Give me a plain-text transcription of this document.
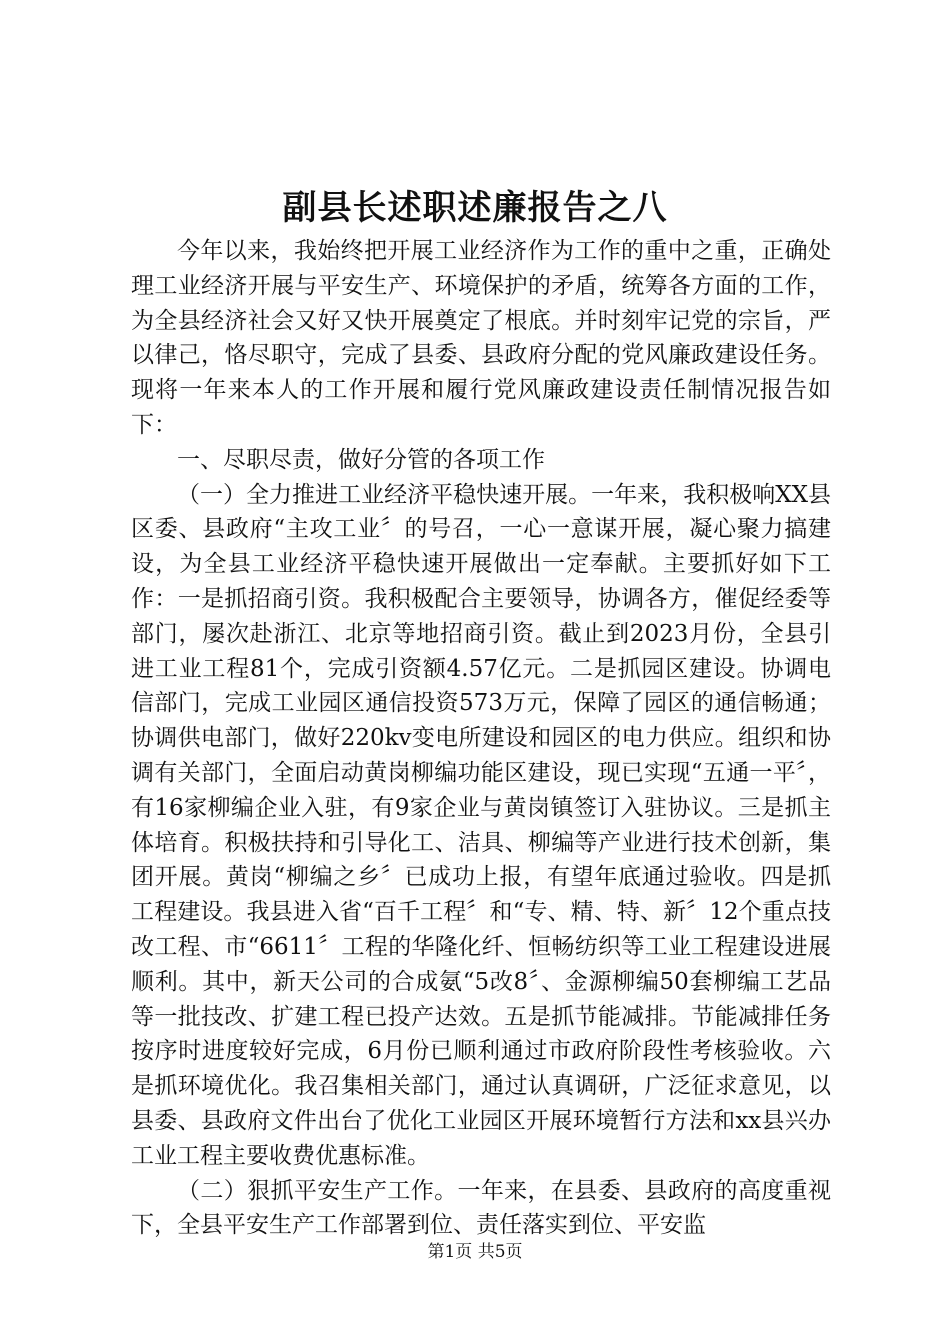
副县长述职述廉报告之八

今年以来，我始终把开展工业经济作为工作的重中之重，正确处理工业经济开展与平安生产、环境保护的矛盾，统筹各方面的工作，为全县经济社会又好又快开展奠定了根底。并时刻牢记党的宗旨，严以律己，恪尽职守，完成了县委、县政府分配的党风廉政建设任务。现将一年来本人的工作开展和履行党风廉政建设责任制情况报告如下：

一、尽职尽责，做好分管的各项工作

（一）全力推进工业经济平稳快速开展。一年来，我积极响XX县区委、县政府“主攻工业〞的号召，一心一意谋开展，凝心聚力搞建设，为全县工业经济平稳快速开展做出一定奉献。主要抓好如下工作：一是抓招商引资。我积极配合主要领导，协调各方，催促经委等部门，屡次赴浙江、北京等地招商引资。截止到2023月份，全县引进工业工程81个，完成引资额4.57亿元。二是抓园区建设。协调电信部门，完成工业园区通信投资573万元，保障了园区的通信畅通；协调供电部门，做好220kv变电所建设和园区的电力供应。组织和协调有关部门，全面启动黄岗柳编功能区建设，现已实现“五通一平〞，有16家柳编企业入驻，有9家企业与黄岗镇签订入驻协议。三是抓主体培育。积极扶持和引导化工、洁具、柳编等产业进行技术创新，集团开展。黄岗“柳编之乡〞已成功上报，有望年底通过验收。四是抓工程建设。我县进入省“百千工程〞和“专、精、特、新〞12个重点技改工程、市“6611〞工程的华隆化纤、恒畅纺织等工业工程建设进展顺利。其中，新天公司的合成氨“5改8〞、金源柳编50套柳编工艺品等一批技改、扩建工程已投产达效。五是抓节能减排。节能减排任务按序时进度较好完成，6月份已顺利通过市政府阶段性考核验收。六是抓环境优化。我召集相关部门，通过认真调研，广泛征求意见，以县委、县政府文件出台了优化工业园区开展环境暂行方法和xx县兴办工业工程主要收费优惠标准。

（二）狠抓平安生产工作。一年来，在县委、县政府的高度重视下，全县平安生产工作部署到位、责任落实到位、平安监

第1页 共5页
